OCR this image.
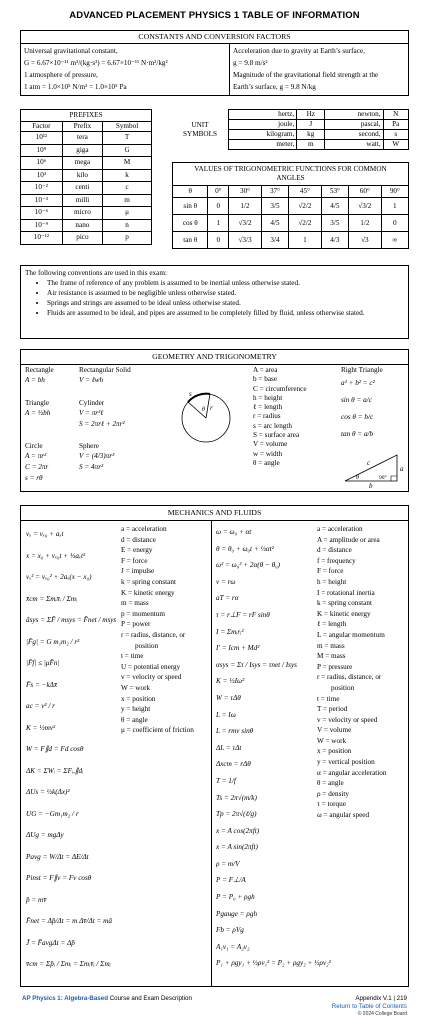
ADVANCED PLACEMENT PHYSICS 1 TABLE OF INFORMATION
CONSTANTS AND CONVERSION FACTORS
Universal gravitational constant,
G = 6.67×10⁻¹¹ m³/(kg·s²) = 6.67×10⁻¹¹ N·m²/kg²
1 atmosphere of pressure,
1 atm = 1.0×10⁵ N/m² = 1.0×10⁵ Pa
Acceleration due to gravity at Earth’s surface,
g = 9.8 m/s²
Magnitude of the gravitational field strength at the
Earth’s surface, g = 9.8 N/kg
PREFIXES		
Factor	Prefix	Symbol
10¹²	tera	T
10⁹	giga	G
10⁶	mega	M
10³	kilo	k
10⁻²	centi	c
10⁻³	milli	m
10⁻⁶	micro	μ
10⁻⁹	nano	n
10⁻¹²	pico	p
UNIT SYMBOLS	hertz,	Hz	newton,	N
	joule,	J	pascal,	Pa
	kilogram,	kg	second,	s
	meter,	m	watt,	W
VALUES OF TRIGONOMETRIC FUNCTIONS FOR COMMON ANGLES							
θ	0°	30°	37°	45°	53°	60°	90°
sin θ	0	1/2	3/5	√2/2	4/5	√3/2	1
cos θ	1	√3/2	4/5	√2/2	3/5	1/2	0
tan θ	0	√3/3	3/4	1	4/3	√3	∞
The following conventions are used in this exam:
• The frame of reference of any problem is assumed to be inertial unless otherwise stated.
• Air resistance is assumed to be negligible unless otherwise stated.
• Springs and strings are assumed to be ideal unless otherwise stated.
• Fluids are assumed to be ideal, and pipes are assumed to be completely filled by fluid, unless otherwise stated.
GEOMETRY AND TRIGONOMETRY
Rectangle
A = bh
Triangle
A = ½bh
Circle
A = πr²
C = 2πr
s = rθ
Rectangular Solid
V = ℓwh
Cylinder
V = πr²ℓ
S = 2πrℓ + 2πr²
Sphere
V = (4/3)πr³
S = 4πr²
s
θ r
A = area
b = base
C = circumference
h = height
ℓ = length
r = radius
s = arc length
S = surface area
V = volume
w = width
θ = angle
Right Triangle
a² + b² = c²
sin θ = a/c
cos θ = b/c
tan θ = a/b
c
a
b
θ	90°
MECHANICS AND FLUIDS
vₓ = vₓ₀ + aₓt
x = x₀ + vₓ₀t + ½aₓt²
vₓ² = vₓ₀² + 2aₓ(x − x₀)
x̄cm = Σmᵢx̄ᵢ / Σmᵢ
āsys = ΣF̄ / msys = F̄net / msys
|F̄g| = G m₁m₂ / r²
|F̄f| ≤ |μF̄n|
F̄s = −kΔx̄
ac = v² / r
K = ½mv²
W = F∥d = Fd cosθ
ΔK = ΣWᵢ = ΣFᵢ,∥dᵢ
ΔUs = ½k(Δx)²
UG = −Gm₁m₂ / r
ΔUg = mgΔy
Pavg = W/Δt = ΔE/Δt
Pinst = F∥v = Fv cosθ
p̄ = mv̄
F̄net = Δp̄/Δt = m Δv̄/Δt = mā
J̄ = F̄avgΔt = Δp̄
v̄cm = Σp̄ᵢ / Σmᵢ = Σmᵢv̄ᵢ / Σmᵢ
a = acceleration
d = distance
E = energy
F = force
J = impulse
k = spring constant
K = kinetic energy
m = mass
p = momentum
P = power
r = radius, distance, or
position
t = time
U = potential energy
v = velocity or speed
W = work
x = position
y = height
θ = angle
μ = coefficient of friction
ω = ω₀ + αt
θ = θ₀ + ω₀t + ½αt²
ω² = ω₀² + 2α(θ − θ₀)
v = rω
aT = rα
τ = r⊥F = rF sinθ
I = Σmᵢrᵢ²
I′ = Icm + Md²
αsys = Στ / Isys = τnet / Isys
K = ½Iω²
W = τΔθ
L = Iω
L = rmv sinθ
ΔL = τΔt
Δxcm = rΔθ
T = 1/f
Ts = 2π√(m/k)
Tp = 2π√(ℓ/g)
x = A cos(2πft)
x = A sin(2πft)
ρ = m/V
P = F⊥/A
P = P₀ + ρgh
Pgauge = ρgh
Fb = ρVg
A₁v₁ = A₂v₂
P₁ + ρgy₁ + ½ρv₁² = P₂ + ρgy₂ + ½ρv₂²
a = acceleration
A = amplitude or area
d = distance
f = frequency
F = force
h = height
I = rotational inertia
k = spring constant
K = kinetic energy
ℓ = length
L = angular momentum
m = mass
M = mass
P = pressure
r = radius, distance, or
position
t = time
T = period
v = velocity or speed
V = volume
W = work
x = position
y = vertical position
α = angular acceleration
θ = angle
ρ = density
τ = torque
ω = angular speed
AP Physics 1: Algebra-Based Course and Exam Description	Appendix V.1 | 219
Return to Table of Contents
© 2024 College Board
